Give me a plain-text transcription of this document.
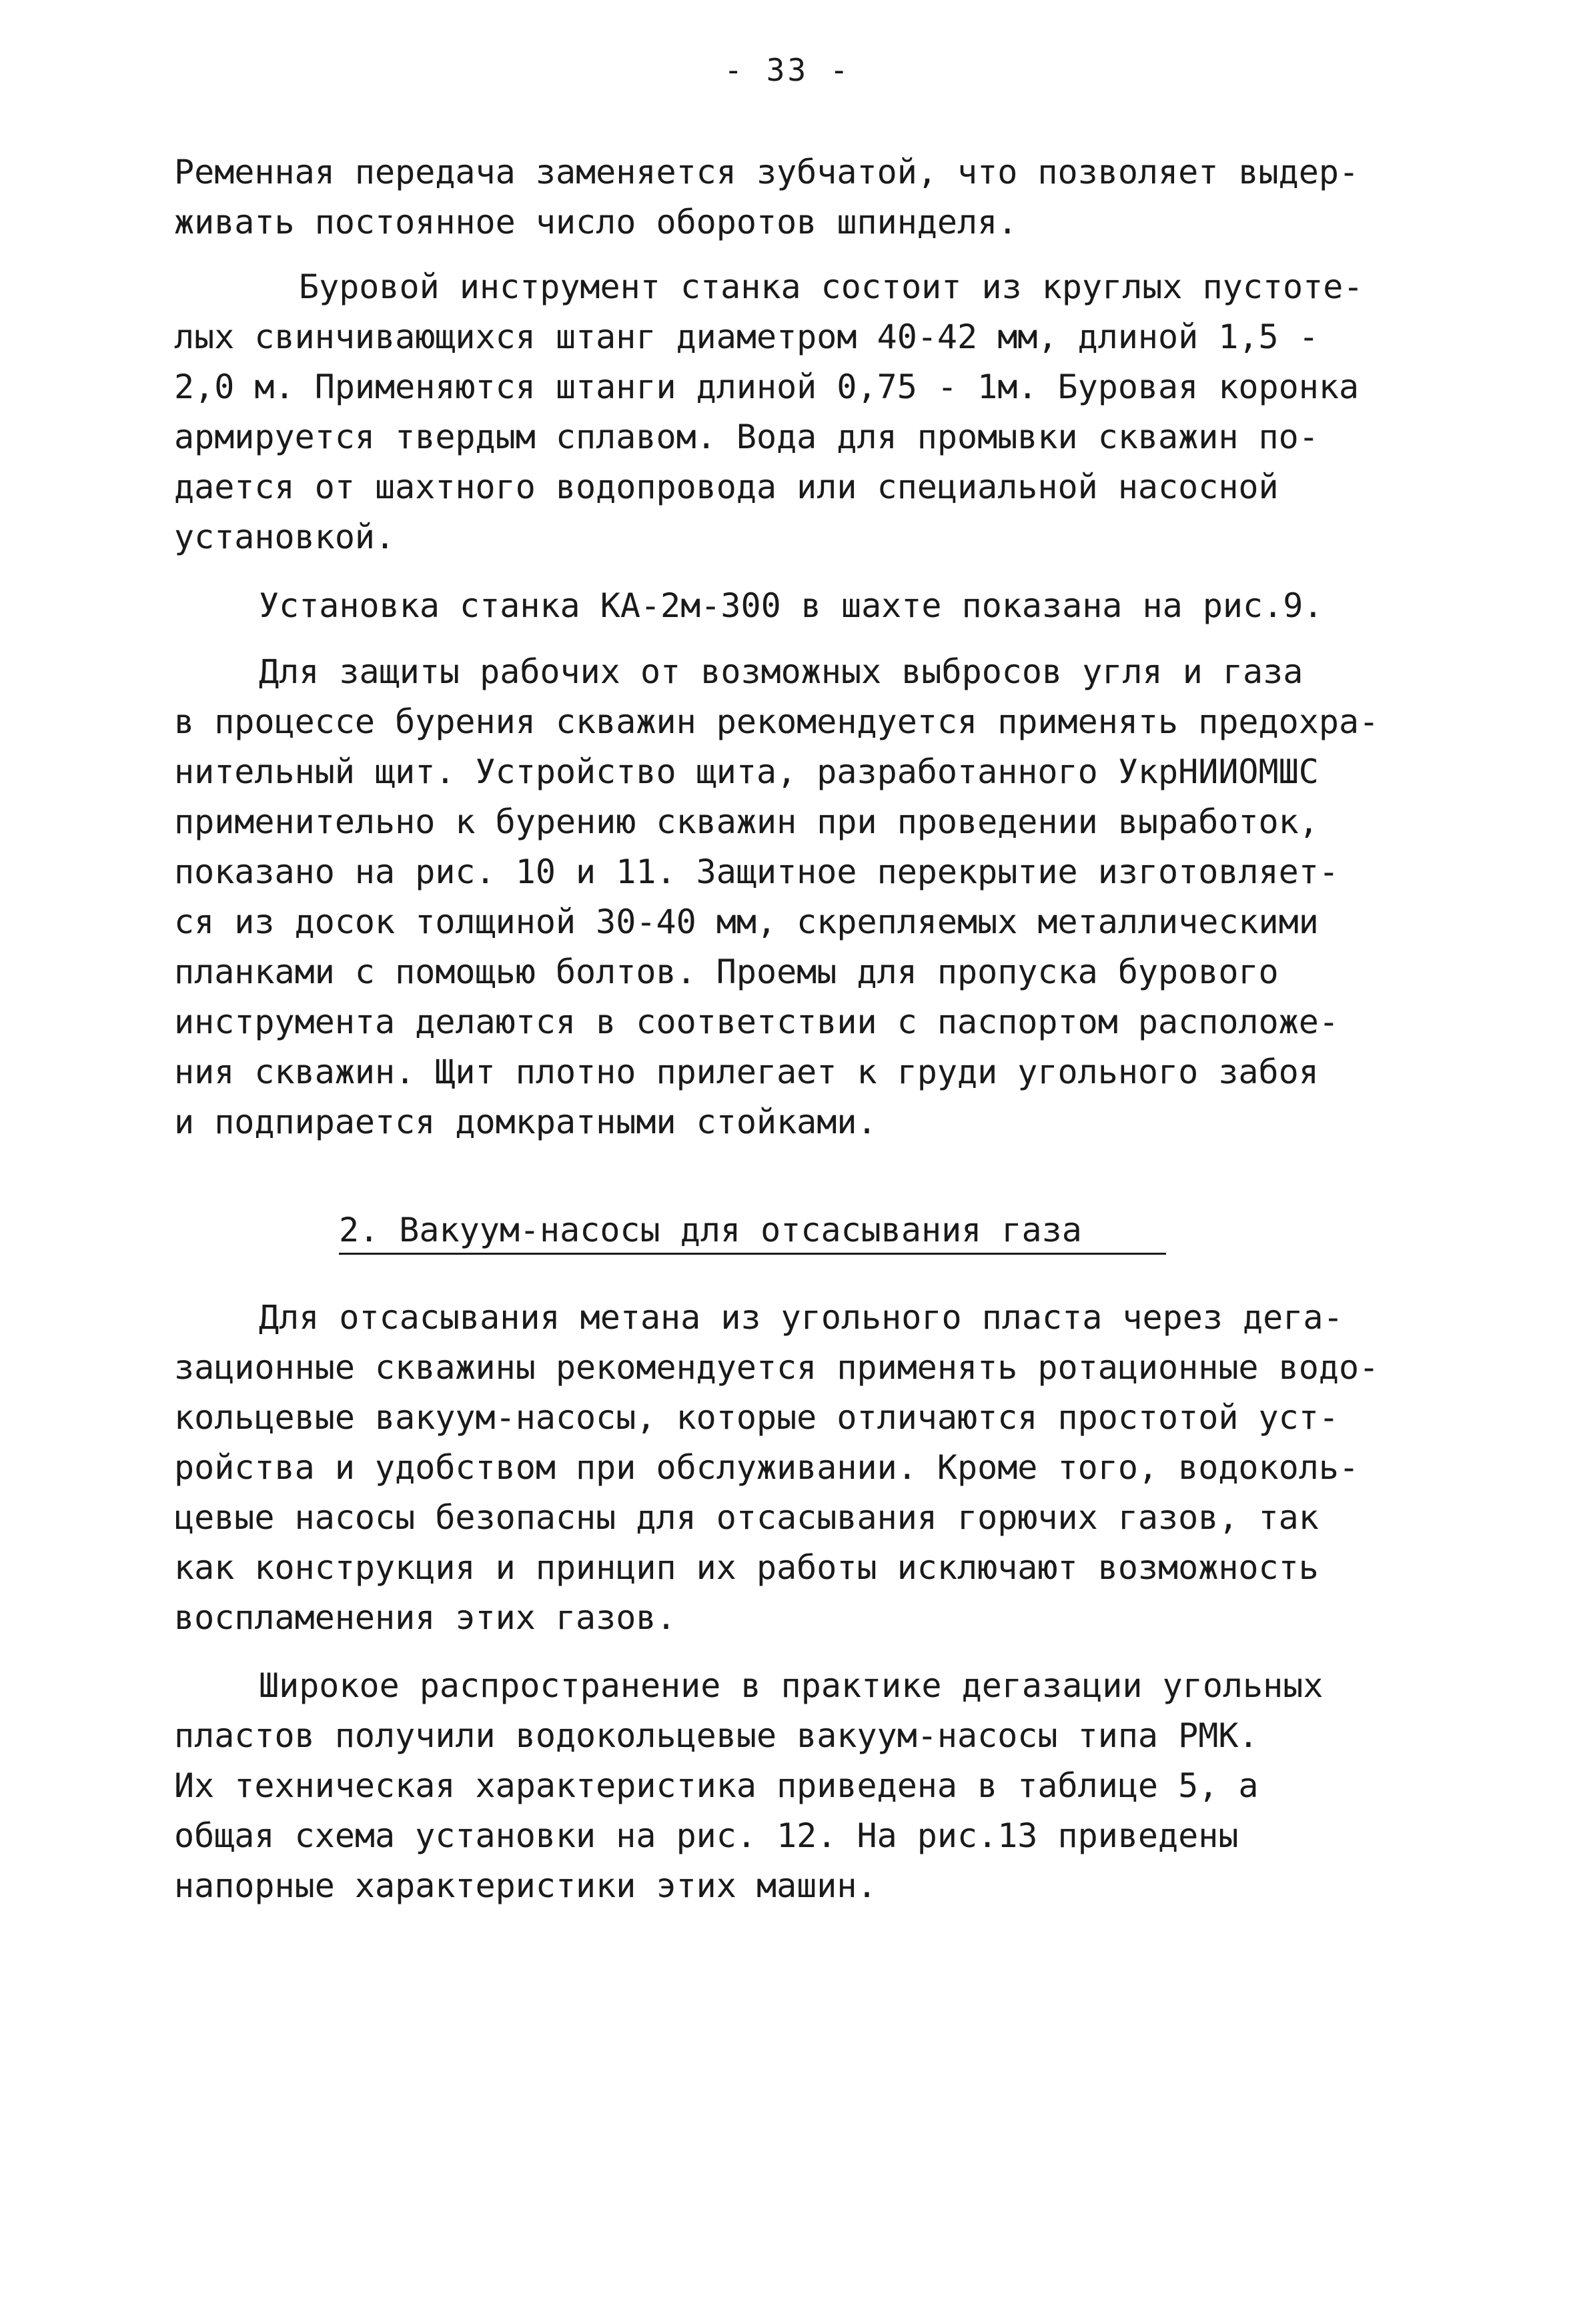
- 33 -
Ременная передача заменяется зубчатой, что позволяет выдер-
живать постоянное число оборотов шпинделя.
Буровой инструмент станка состоит из круглых пустоте-
лых свинчивающихся штанг диаметром 40-42 мм, длиной 1,5 -
2,0 м. Применяются штанги длиной 0,75 - 1м. Буровая коронка
армируется твердым сплавом. Вода для промывки скважин по-
дается от шахтного водопровода или специальной насосной
установкой.
Установка станка КА-2м-300 в шахте показана на рис.9.
Для защиты рабочих от возможных выбросов угля и газа
в процессе бурения скважин рекомендуется применять предохра-
нительный щит. Устройство щита, разработанного УкрНИИОМШС
применительно к бурению скважин при проведении выработок,
показано на рис. 10 и 11. Защитное перекрытие изготовляет-
ся из досок толщиной 30-40 мм, скрепляемых металлическими
планками с помощью болтов. Проемы для пропуска бурового
инструмента делаются в соответствии с паспортом расположе-
ния скважин. Щит плотно прилегает к груди угольного забоя
и подпирается домкратными стойками.
2. Вакуум-насосы для отсасывания газа
Для отсасывания метана из угольного пласта через дега-
зационные скважины рекомендуется применять ротационные водо-
кольцевые вакуум-насосы, которые отличаются простотой уст-
ройства и удобством при обслуживании. Кроме того, водоколь-
цевые насосы безопасны для отсасывания горючих газов, так
как конструкция и принцип их работы исключают возможность
воспламенения этих газов.
Широкое распространение в практике дегазации угольных
пластов получили водокольцевые вакуум-насосы типа РМК.
Их техническая характеристика приведена в таблице 5, а
общая схема установки на рис. 12. На рис.13 приведены
напорные характеристики этих машин.
